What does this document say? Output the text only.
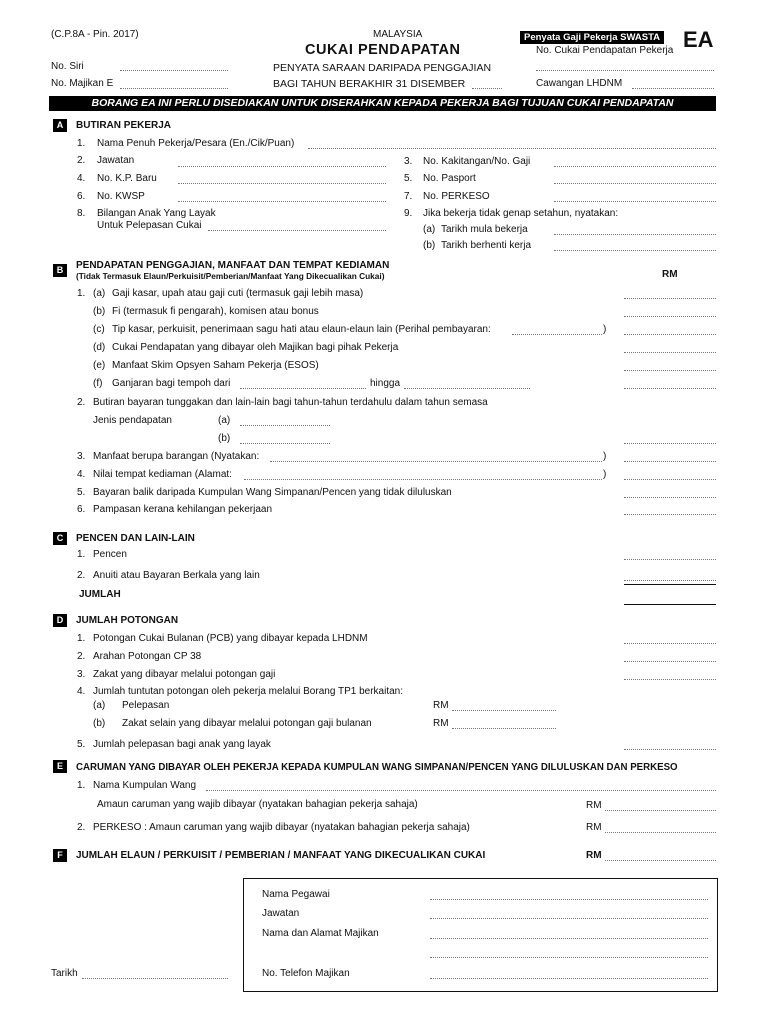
(C.P.8A - Pin. 2017)	MALAYSIA
CUKAI PENDAPATAN
PENYATA SARAAN DARIPADA PENGGAJIAN
BAGI TAHUN BERAKHIR 31 DISEMBER
Penyata Gaji Pekerja SWASTA EA
No. Cukai Pendapatan Pekerja
No. Siri
No. Majikan E	Cawangan LHDNM
BORANG EA INI PERLU DISEDIAKAN UNTUK DISERAHKAN KEPADA PEKERJA BAGI TUJUAN CUKAI PENDAPATAN
A	BUTIRAN PEKERJA
1. Nama Penuh Pekerja/Pesara (En./Cik/Puan)
2. Jawatan	3. No. Kakitangan/No. Gaji
4. No. K.P. Baru	5. No. Pasport
6. No. KWSP	7. No. PERKESO
8. Bilangan Anak Yang Layak
Untuk Pelepasan Cukai
9. Jika bekerja tidak genap setahun, nyatakan:
(a) Tarikh mula bekerja
(b) Tarikh berhenti kerja
B	PENDAPATAN PENGGAJIAN, MANFAAT DAN TEMPAT KEDIAMAN
(Tidak Termasuk Elaun/Perkuisit/Pemberian/Manfaat Yang Dikecualikan Cukai)	RM
1. (a) Gaji kasar, upah atau gaji cuti (termasuk gaji lebih masa)
(b) Fi (termasuk fi pengarah), komisen atau bonus
(c) Tip kasar, perkuisit, penerimaan sagu hati atau elaun-elaun lain (Perihal pembayaran:	)
(d) Cukai Pendapatan yang dibayar oleh Majikan bagi pihak Pekerja
(e) Manfaat Skim Opsyen Saham Pekerja (ESOS)
(f) Ganjaran bagi tempoh dari	hingga
2. Butiran bayaran tunggakan dan lain-lain bagi tahun-tahun terdahulu dalam tahun semasa
Jenis pendapatan	(a)
(b)
3. Manfaat berupa barangan (Nyatakan:	)
4. Nilai tempat kediaman (Alamat:	)
5. Bayaran balik daripada Kumpulan Wang Simpanan/Pencen yang tidak diluluskan
6. Pampasan kerana kehilangan pekerjaan
C	PENCEN DAN LAIN-LAIN
1. Pencen
2. Anuiti atau Bayaran Berkala yang lain
JUMLAH
D	JUMLAH POTONGAN
1. Potongan Cukai Bulanan (PCB) yang dibayar kepada LHDNM
2. Arahan Potongan CP 38
3. Zakat yang dibayar melalui potongan gaji
4. Jumlah tuntutan potongan oleh pekerja melalui Borang TP1 berkaitan:
(a) Pelepasan	RM
(b) Zakat selain yang dibayar melalui potongan gaji bulanan	RM
5. Jumlah pelepasan bagi anak yang layak
E	CARUMAN YANG DIBAYAR OLEH PEKERJA KEPADA KUMPULAN WANG SIMPANAN/PENCEN YANG DILULUSKAN DAN PERKESO
1. Nama Kumpulan Wang
Amaun caruman yang wajib dibayar (nyatakan bahagian pekerja sahaja)	RM
2. PERKESO : Amaun caruman yang wajib dibayar (nyatakan bahagian pekerja sahaja)	RM
F	JUMLAH ELAUN / PERKUISIT / PEMBERIAN / MANFAAT YANG DIKECUALIKAN CUKAI	RM
Nama Pegawai
Jawatan
Nama dan Alamat Majikan
No. Telefon Majikan
Tarikh
